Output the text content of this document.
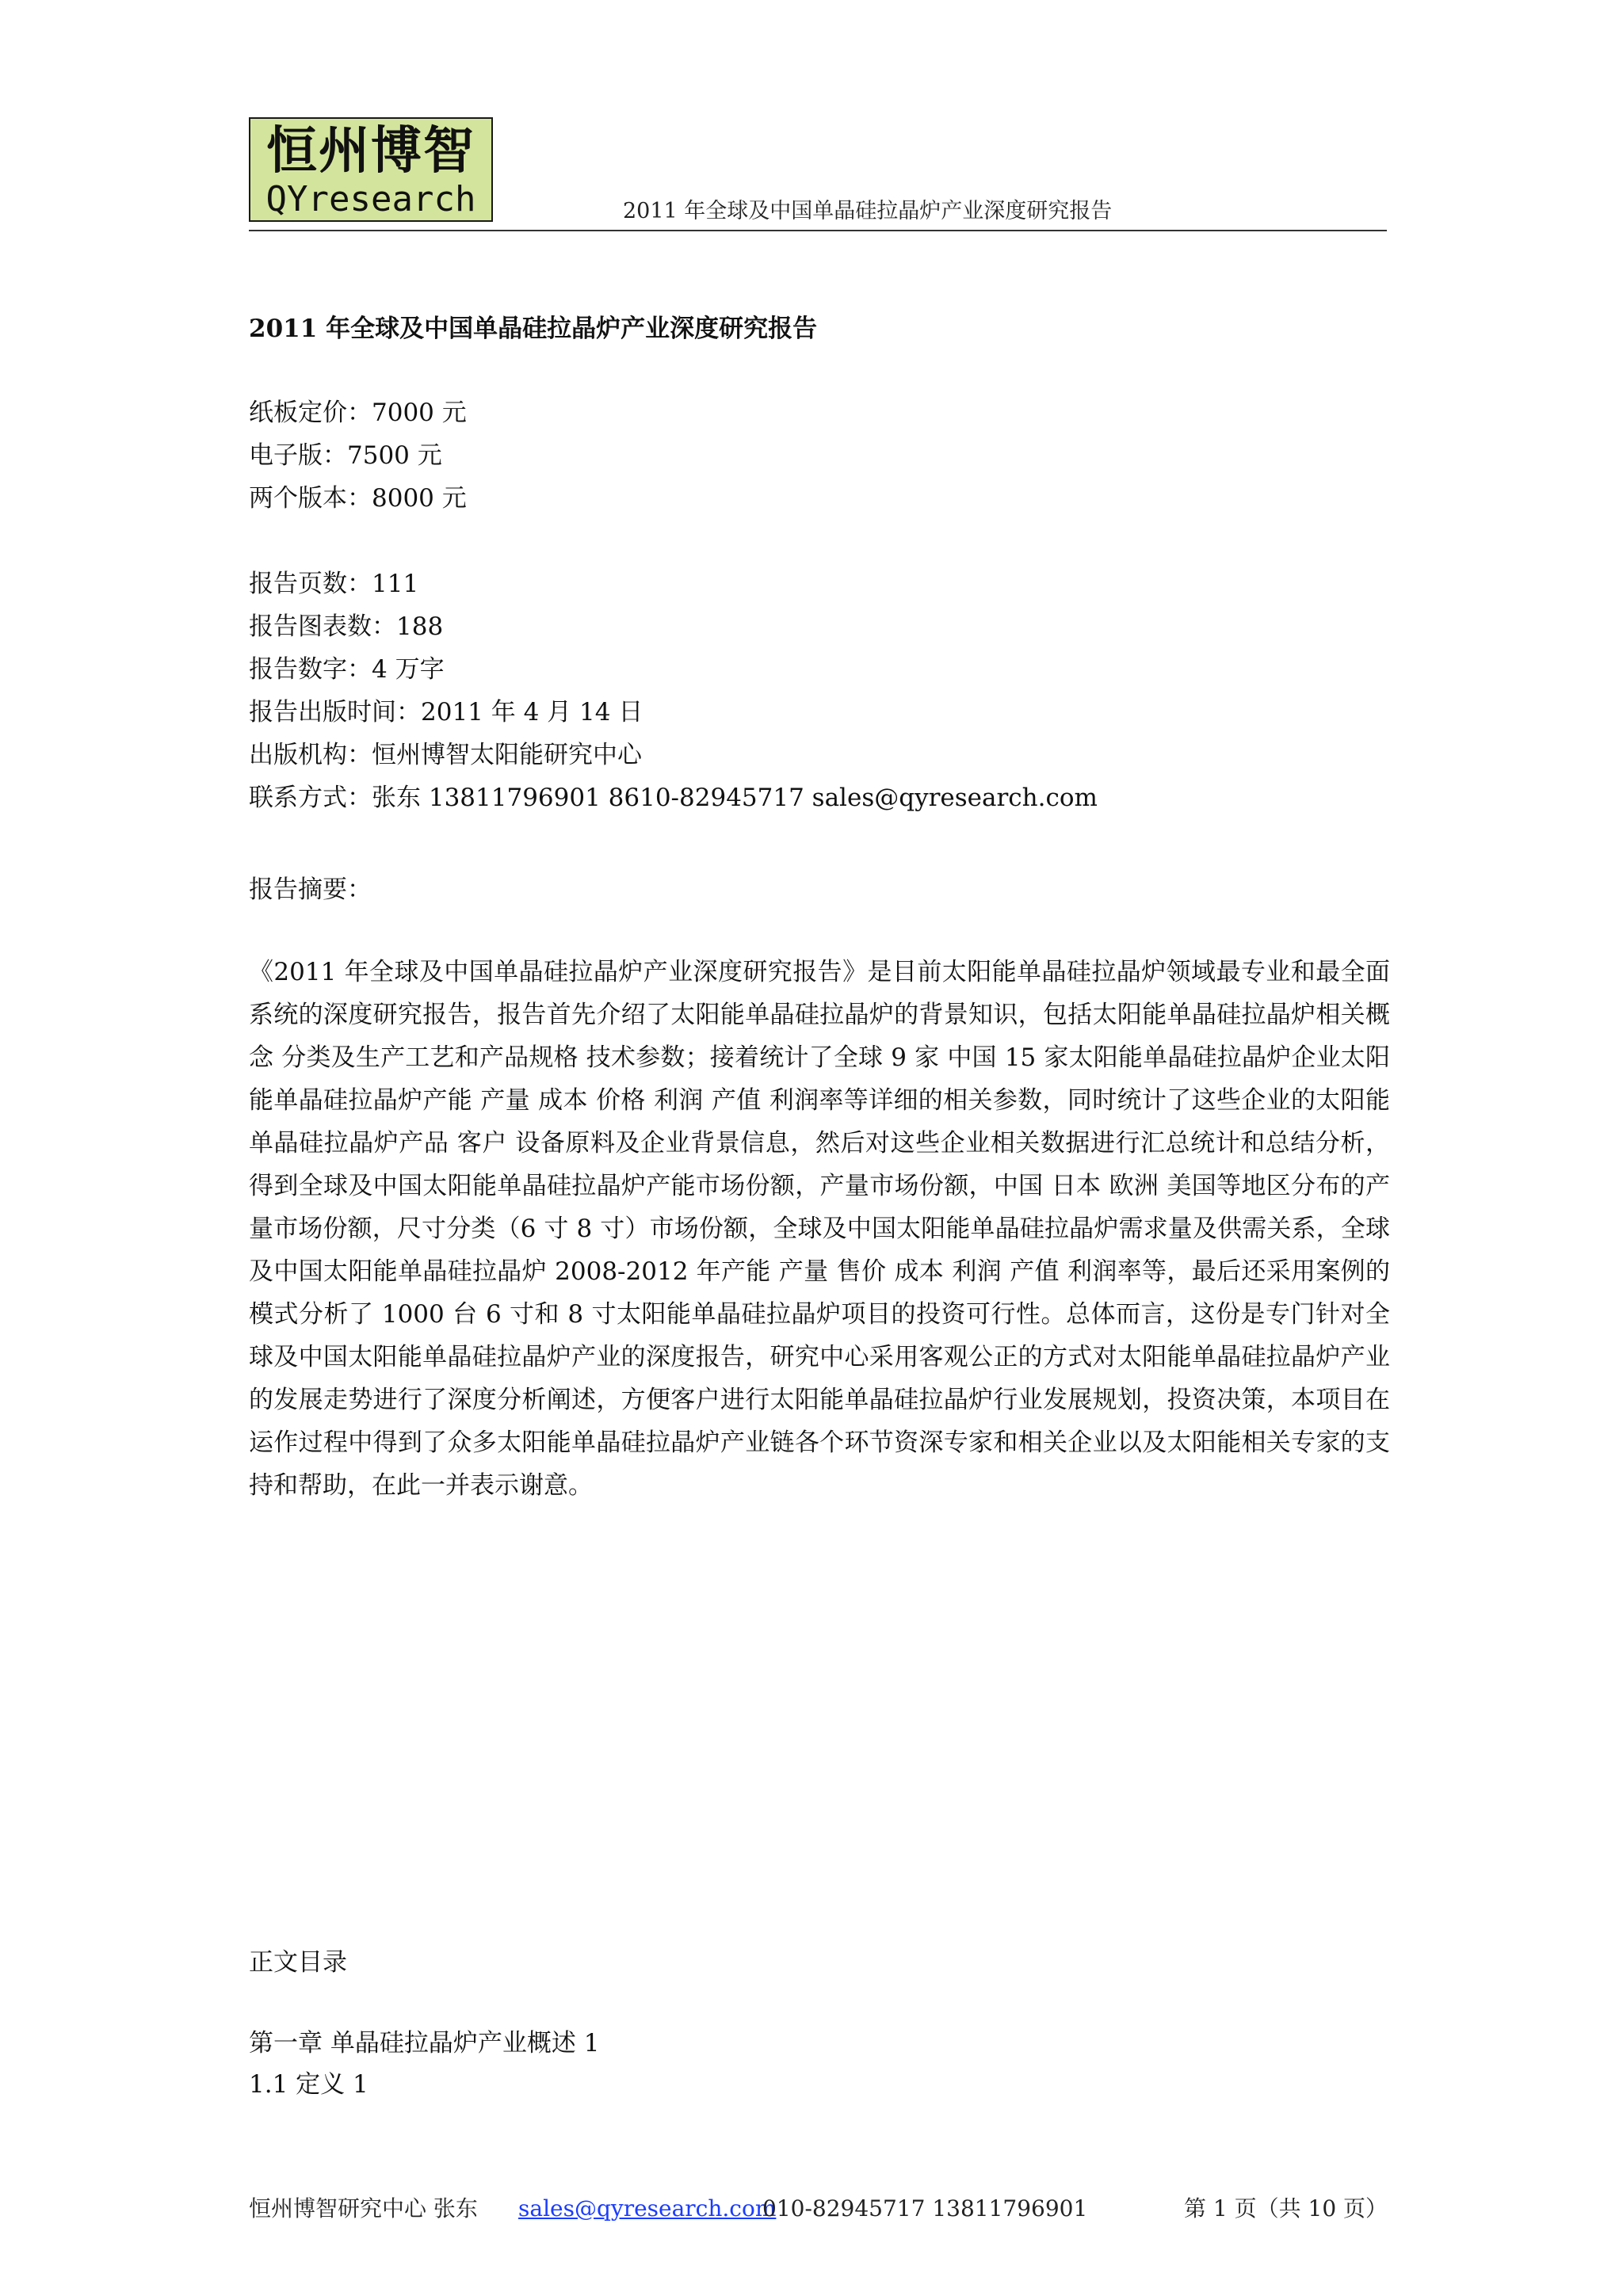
恒州博智
QYresearch	2011 年全球及中国单晶硅拉晶炉产业深度研究报告
2011 年全球及中国单晶硅拉晶炉产业深度研究报告
纸板定价：7000 元
电子版：7500 元
两个版本：8000 元
报告页数：111
报告图表数：188
报告数字：4 万字
报告出版时间：2011 年 4 月 14 日
出版机构：恒州博智太阳能研究中心
联系方式：张东 13811796901 8610-82945717 sales@qyresearch.com
报告摘要：
《2011 年全球及中国单晶硅拉晶炉产业深度研究报告》是目前太阳能单晶硅拉晶炉领域最专业和最全面系统的深度研究报告，报告首先介绍了太阳能单晶硅拉晶炉的背景知识，包括太阳能单晶硅拉晶炉相关概念 分类及生产工艺和产品规格 技术参数；接着统计了全球 9 家 中国 15 家太阳能单晶硅拉晶炉企业太阳能单晶硅拉晶炉产能 产量 成本 价格 利润 产值 利润率等详细的相关参数，同时统计了这些企业的太阳能单晶硅拉晶炉产品 客户 设备原料及企业背景信息，然后对这些企业相关数据进行汇总统计和总结分析，得到全球及中国太阳能单晶硅拉晶炉产能市场份额，产量市场份额，中国 日本 欧洲 美国等地区分布的产量市场份额，尺寸分类（6 寸 8 寸）市场份额，全球及中国太阳能单晶硅拉晶炉需求量及供需关系，全球及中国太阳能单晶硅拉晶炉 2008-2012 年产能 产量 售价 成本 利润 产值 利润率等，最后还采用案例的模式分析了 1000 台 6 寸和 8 寸太阳能单晶硅拉晶炉项目的投资可行性。总体而言，这份是专门针对全球及中国太阳能单晶硅拉晶炉产业的深度报告，研究中心采用客观公正的方式对太阳能单晶硅拉晶炉产业的发展走势进行了深度分析阐述，方便客户进行太阳能单晶硅拉晶炉行业发展规划，投资决策，本项目在运作过程中得到了众多太阳能单晶硅拉晶炉产业链各个环节资深专家和相关企业以及太阳能相关专家的支持和帮助，在此一并表示谢意。
正文目录
第一章 单晶硅拉晶炉产业概述 1
1.1 定义 1
恒州博智研究中心 张东 sales@qyresearch.com
010-82945717 13811796901	第 1 页（共 10 页）
